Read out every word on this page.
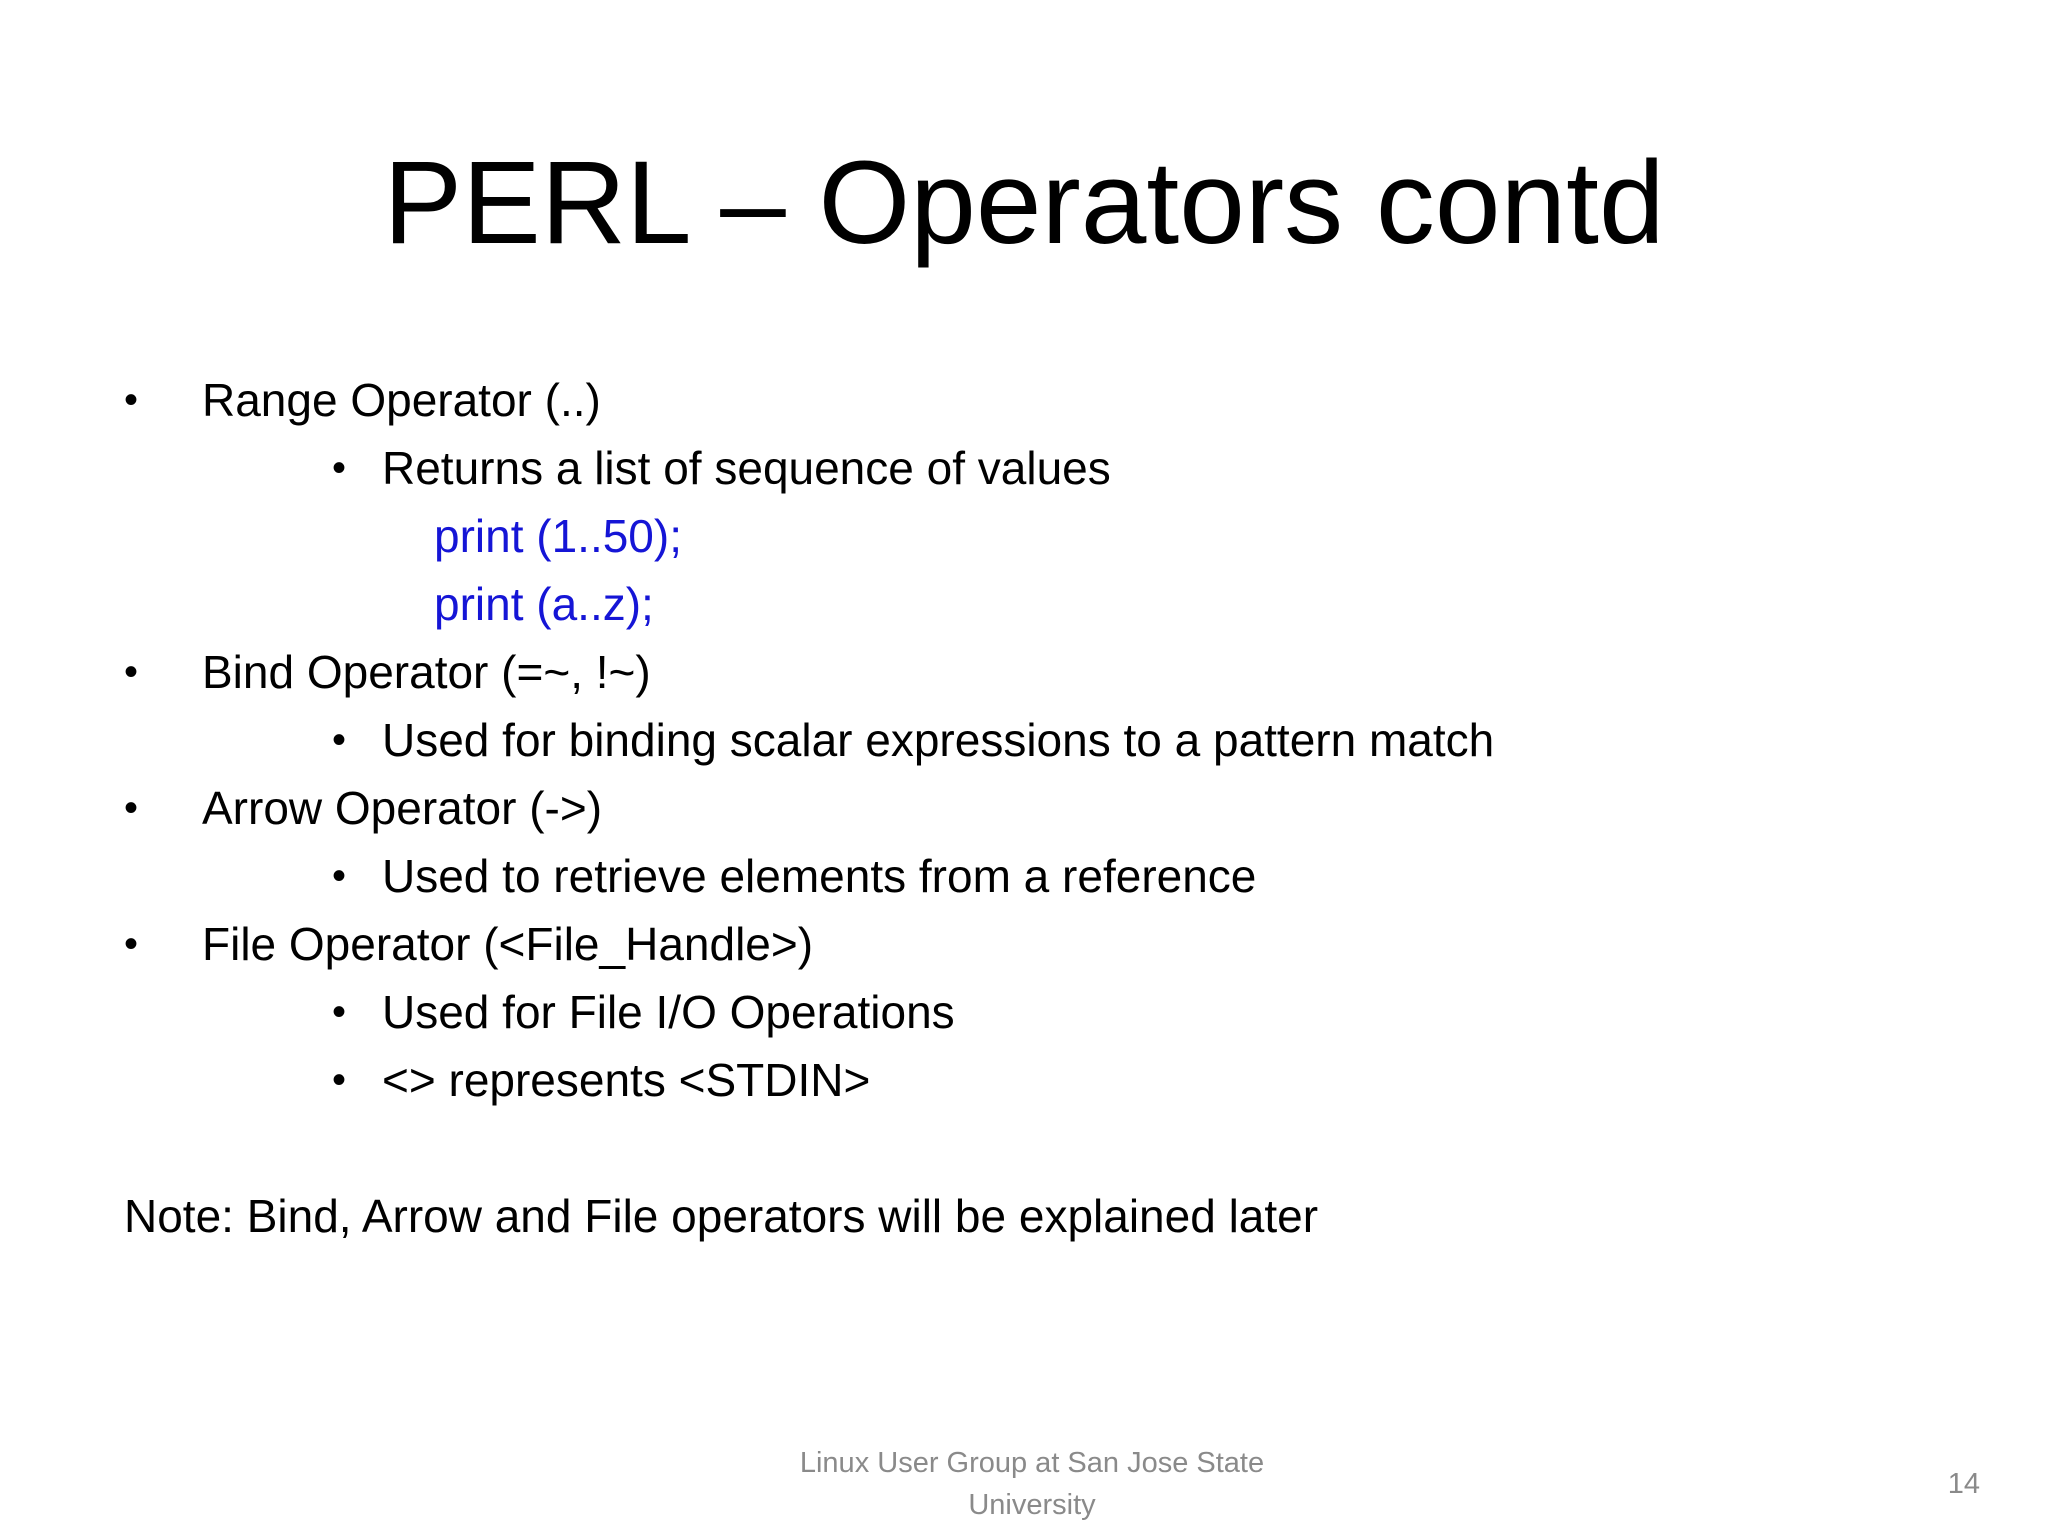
PERL – Operators contd
• Range Operator (..)
• Returns a list of sequence of values
print (1..50);
print (a..z);
• Bind Operator (=~, !~)
• Used for binding scalar expressions to a pattern match
• Arrow Operator (->)
• Used to retrieve elements from a reference
• File Operator (<File_Handle>)
• Used for File I/O Operations
• <> represents <STDIN>
Note: Bind, Arrow and File operators will be explained later
Linux User Group at San Jose State
University
14
